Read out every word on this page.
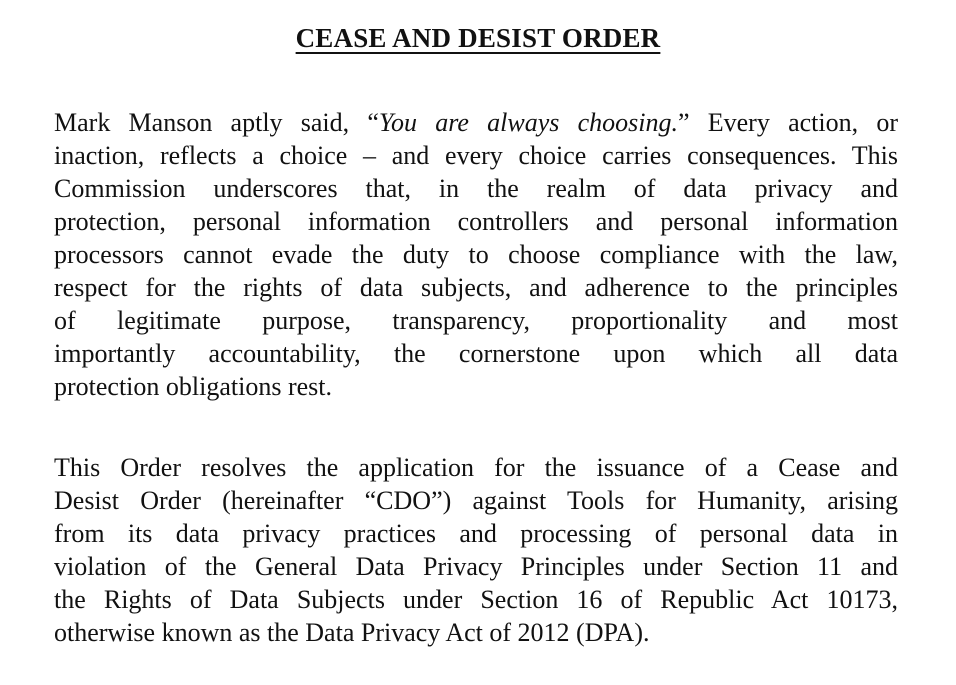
CEASE AND DESIST ORDER

Mark Manson aptly said, “You are always choosing.” Every action, or
inaction, reflects a choice – and every choice carries consequences. This
Commission underscores that, in the realm of data privacy and
protection, personal information controllers and personal information
processors cannot evade the duty to choose compliance with the law,
respect for the rights of data subjects, and adherence to the principles
of legitimate purpose, transparency, proportionality and most
importantly accountability, the cornerstone upon which all data
protection obligations rest.

This Order resolves the application for the issuance of a Cease and
Desist Order (hereinafter “CDO”) against Tools for Humanity, arising
from its data privacy practices and processing of personal data in
violation of the General Data Privacy Principles under Section 11 and
the Rights of Data Subjects under Section 16 of Republic Act 10173,
otherwise known as the Data Privacy Act of 2012 (DPA).
